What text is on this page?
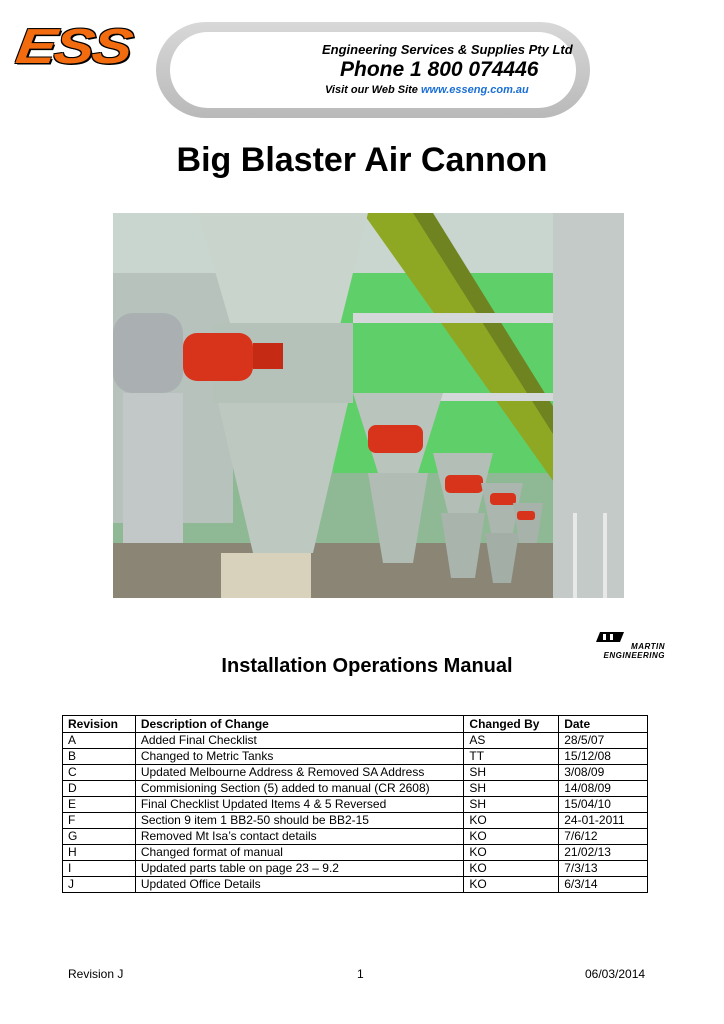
ESS	Engineering Services & Supplies Pty Ltd
Phone 1 800 074446
Visit our Web Site www.esseng.com.au
Big Blaster Air Cannon
MARTIN
ENGINEERING
Installation Operations Manual
Revision	Description of Change	Changed By	Date
A	Added Final Checklist	AS	28/5/07
B	Changed to Metric Tanks	TT	15/12/08
C	Updated Melbourne Address & Removed SA Address	SH	3/08/09
D	Commisioning Section (5) added to manual (CR 2608)	SH	14/08/09
E	Final Checklist Updated Items 4 & 5 Reversed	SH	15/04/10
F	Section 9 item 1 BB2-50 should be BB2-15	KO	24-01-2011
G	Removed Mt Isa’s contact details	KO	7/6/12
H	Changed format of manual	KO	21/02/13
I	Updated parts table on page 23 – 9.2	KO	7/3/13
J	Updated Office Details	KO	6/3/14
Revision J	1	06/03/2014
